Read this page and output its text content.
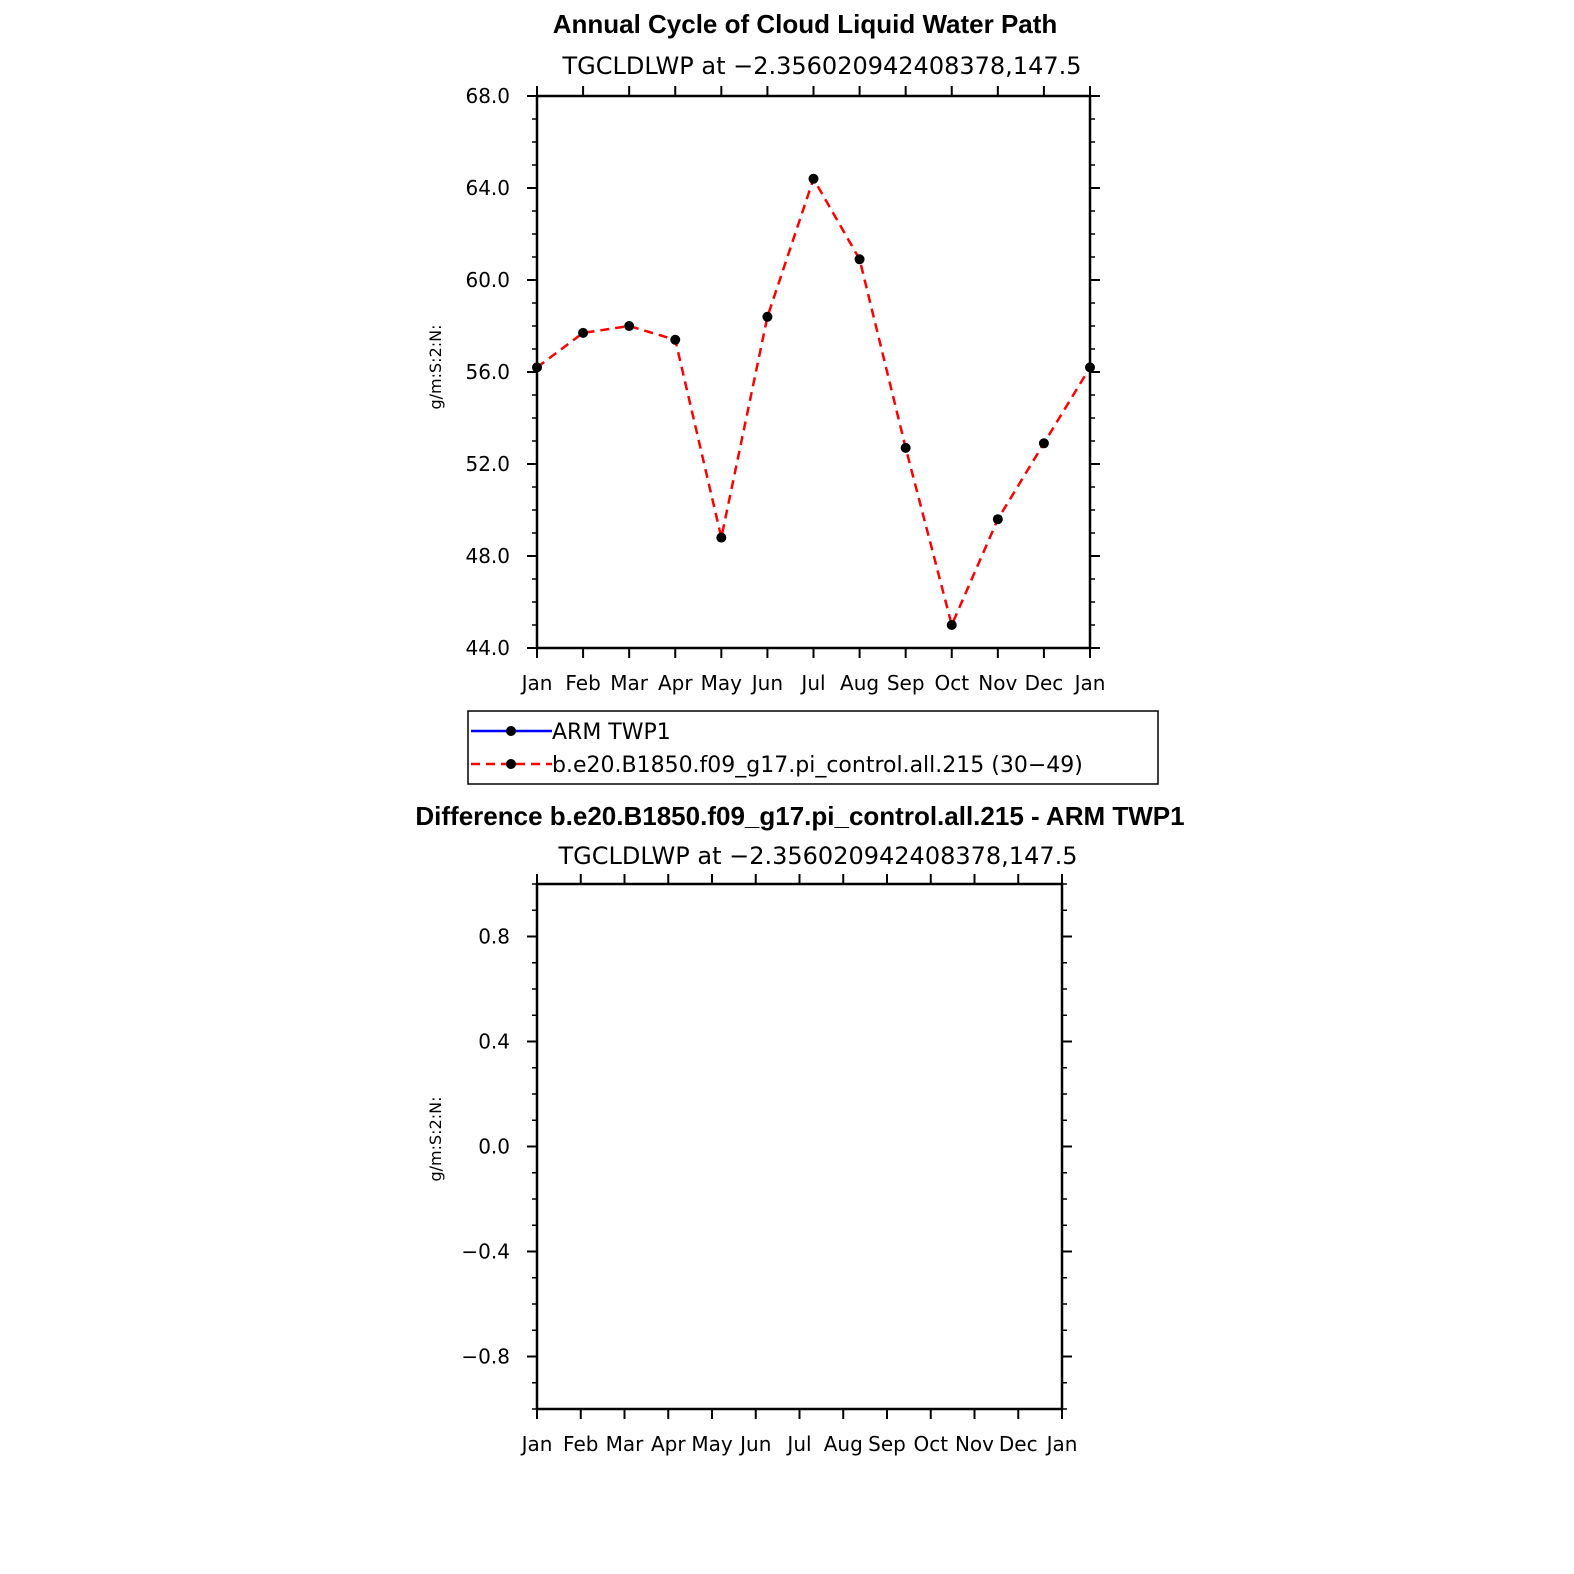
Annual Cycle of Cloud Liquid Water Path
TGCLDLWP at −2.356020942408378,147.5
g/m:S:2:N:
Jan Feb Mar Apr May Jun Jul Aug Sep Oct Nov Dec Jan
44.0
48.0
52.0
56.0
60.0
64.0
68.0
ARM TWP1
b.e20.B1850.f09_g17.pi_control.all.215 (30−49)
Difference b.e20.B1850.f09_g17.pi_control.all.215 - ARM TWP1
TGCLDLWP at −2.356020942408378,147.5
g/m:S:2:N:
Jan Feb Mar Apr May Jun Jul Aug Sep Oct Nov Dec Jan
−0.8
−0.4
0.0
0.4
0.8
